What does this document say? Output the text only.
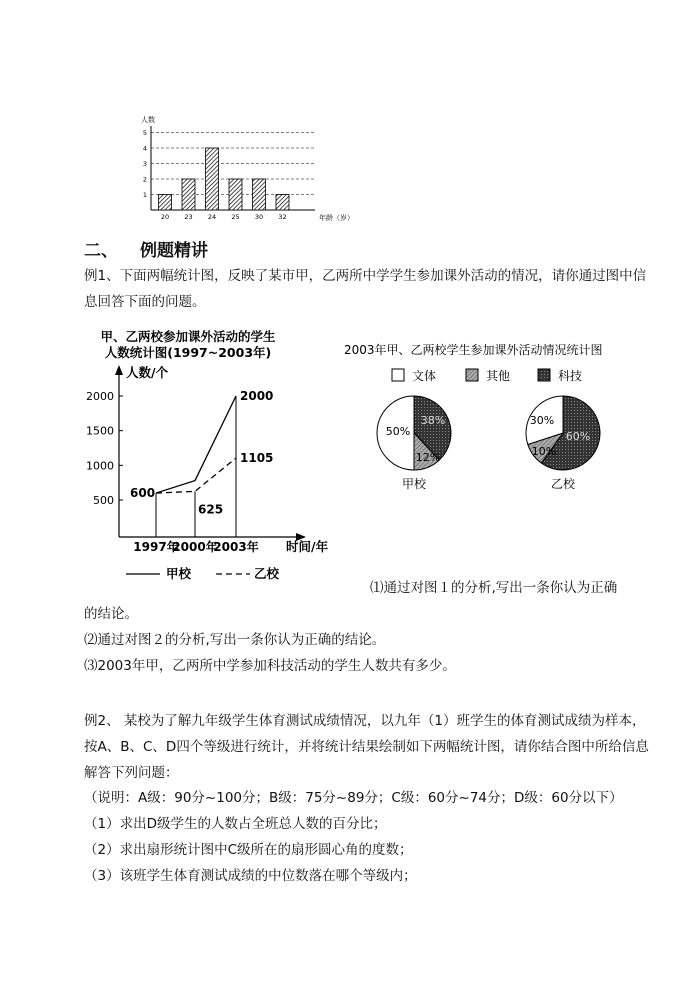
人数
1
2
3
4
5
20 23 24 25 30 32	年龄（岁）
二、 例题精讲
例1、下面两幅统计图，反映了某市甲，乙两所中学学生参加课外活动的情况，请你通过图中信
息回答下面的问题。
甲、乙两校参加课外活动的学生
人数统计图(1997~2003年)
人数/个
时间/年
500
1000
1500
2000
1997年
2000年
2003年
600
625
2000
1105
甲校	乙校
2003年甲、乙两校学生参加课外活动情况统计图
文体	其他	科技
50%
38%
12%
30%
60%
10%
甲校	乙校
⑴通过对图１的分析,写出一条你认为正确
的结论。
⑵通过对图２的分析,写出一条你认为正确的结论。
⑶2003年甲，乙两所中学参加科技活动的学生人数共有多少。
例2、 某校为了解九年级学生体育测试成绩情况，以九年（1）班学生的体育测试成绩为样本，
按A、B、C、D四个等级进行统计，并将统计结果绘制如下两幅统计图，请你结合图中所给信息
解答下列问题：
（说明：A级：90分~100分；B级：75分~89分；C级：60分~74分；D级：60分以下）
（1）求出D级学生的人数占全班总人数的百分比；
（2）求出扇形统计图中C级所在的扇形圆心角的度数；
（3）该班学生体育测试成绩的中位数落在哪个等级内；
